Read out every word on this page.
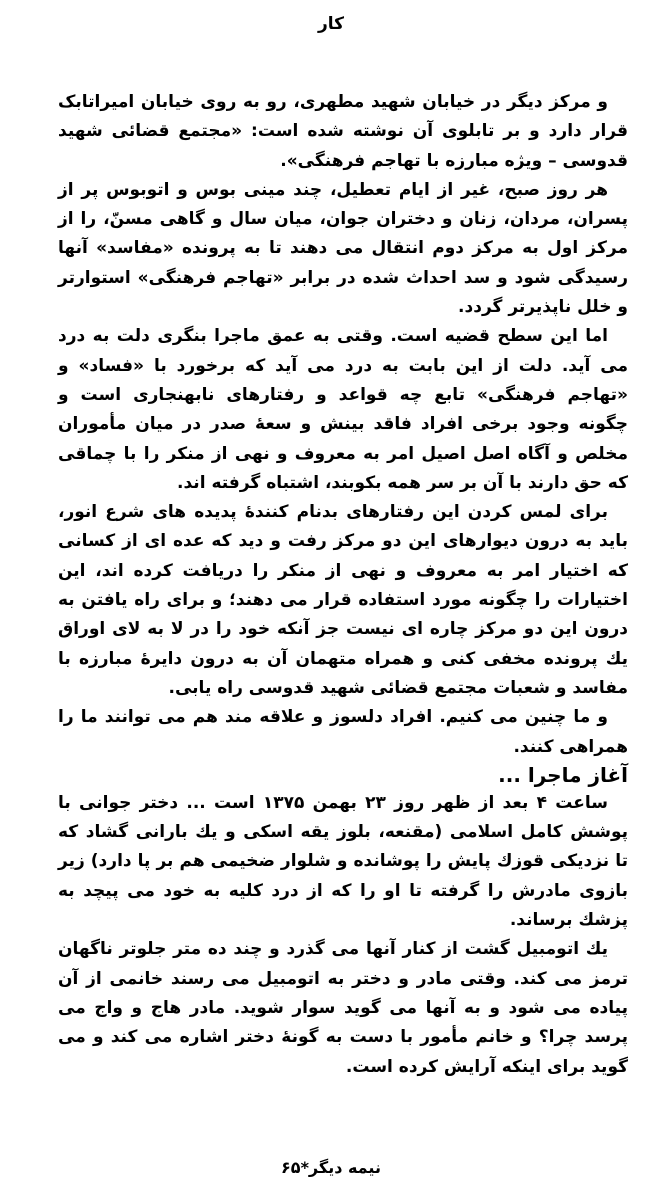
کار

و مرکز دیگر در خیابان شهید مطهری، رو به روی خیابان امیراتابک قرار دارد و بر تابلوی آن نوشته شده است: «مجتمع قضائی شهید قدوسی – ویژه مبارزه با تهاجم فرهنگی».

هر روز صبح، غیر از ایام تعطیل، چند مینی بوس و اتوبوس پر از پسران، مردان، زنان و دختران جوان، میان سال و گاهی مسنّ، را از مرکز اول به مرکز دوم انتقال می دهند تا به پرونده «مفاسد» آنها رسیدگی شود و سد احداث شده در برابر «تهاجم فرهنگی» استوارتر و خلل ناپذیرتر گردد.

اما این سطح قضیه است. وقتی به عمق ماجرا بنگری دلت به درد می آید. دلت از این بابت به درد می آید که برخورد با «فساد» و «تهاجم فرهنگی» تابع چه قواعد و رفتارهای نابهنجاری است و چگونه وجود برخی افراد فاقد بینش و سعهٔ صدر در میان مأموران مخلص و آگاه اصل اصیل امر به معروف و نهی از منکر را با چماقی که حق دارند با آن بر سر همه بکوبند، اشتباه گرفته اند.

برای لمس کردن این رفتارهای بدنام کنندهٔ پدیده های شرع انور، باید به درون دیوارهای این دو مرکز رفت و دید که عده ای از کسانی که اختیار امر به معروف و نهی از منکر را دریافت کرده اند، این اختیارات را چگونه مورد استفاده قرار می دهند؛ و برای راه یافتن به درون این دو مرکز چاره ای نیست جز آنکه خود را در لا به لای اوراق یك پرونده مخفی کنی و همراه متهمان آن به درون دایرهٔ مبارزه با مفاسد و شعبات مجتمع قضائی شهید قدوسی راه یابی.

و ما چنین می کنیم. افراد دلسوز و علاقه مند هم می توانند ما را همراهی کنند.

آغاز ماجرا ...

ساعت ۴ بعد از ظهر روز ۲۳ بهمن ۱۳۷۵ است ... دختر جوانی با پوشش کامل اسلامی (مقنعه، بلوز یقه اسکی و یك بارانی گشاد که تا نزدیکی قوزك پایش را پوشانده و شلوار ضخیمی هم بر پا دارد) زیر بازوی مادرش را گرفته تا او را که از درد کلیه به خود می پیچد به پزشك برساند.

یك اتومبیل گشت از کنار آنها می گذرد و چند ده متر جلوتر ناگهان ترمز می کند. وقتی مادر و دختر به اتومبیل می رسند خانمی از آن پیاده می شود و به آنها می گوید سوار شوید. مادر هاج و واج می پرسد چرا؟ و خانم مأمور با دست به گونهٔ دختر اشاره می کند و می گوید برای اینکه آرایش کرده است.

نیمه دیگر*۶۵
